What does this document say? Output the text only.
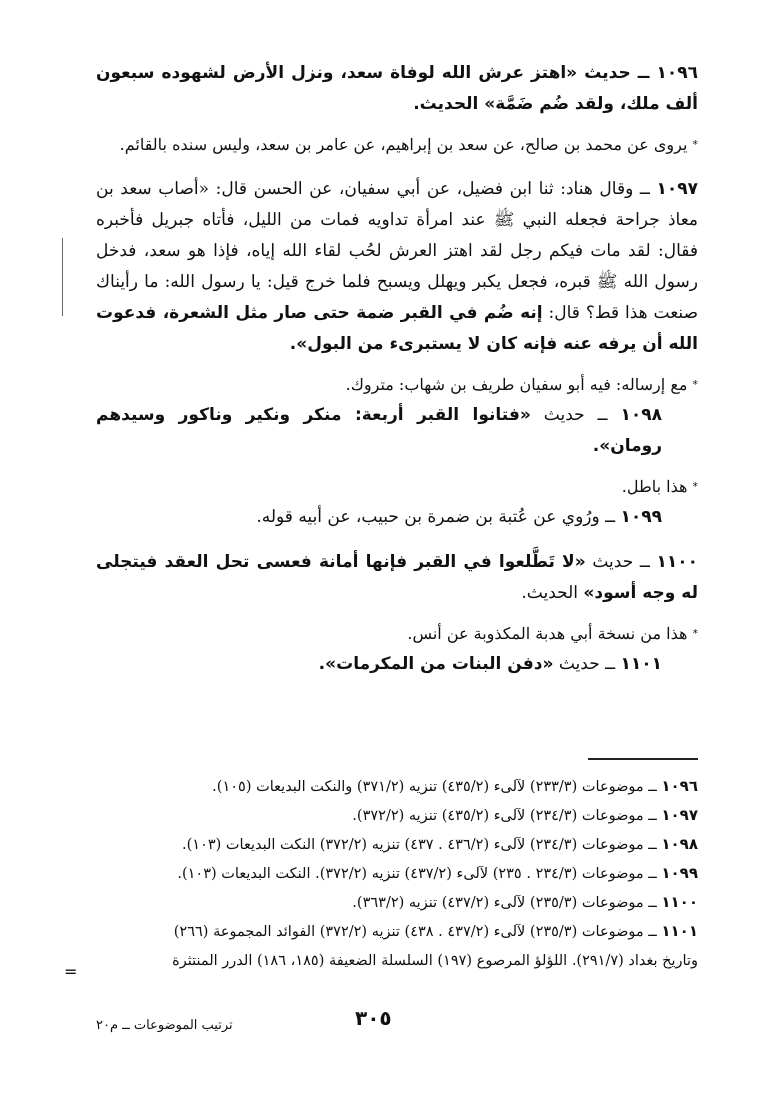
١٠٩٦ ــ حديث «اهتز عرش الله لوفاة سعد، ونزل الأرض لشهوده سبعون ألف ملك، ولقد ضُم ضَمَّة» الحديث.

* يروى عن محمد بن صالح، عن سعد بن إبراهيم، عن عامر بن سعد، وليس سنده بالقائم.

١٠٩٧ ــ وقال هناد: ثنا ابن فضيل، عن أبي سفيان، عن الحسن قال: «أصاب سعد بن معاذ جراحة فجعله النبي ﷺ عند امرأة تداويه فمات من الليل، فأتاه جبريل فأخبره فقال: لقد مات فيكم رجل لقد اهتز العرش لحُب لقاء الله إياه، فإذا هو سعد، فدخل رسول الله ﷺ قبره، فجعل يكبر ويهلل ويسبح فلما خرج قيل: يا رسول الله: ما رأيناك صنعت هذا قط؟ قال: إنه ضُم في القبر ضمة حتى صار مثل الشعرة، فدعوت الله أن يرفه عنه فإنه كان لا يستبرىء من البول».

* مع إرساله: فيه أبو سفيان طريف بن شهاب: متروك.

١٠٩٨ ــ حديث «فتانوا القبر أربعة: منكر ونكير وناكور وسيدهم رومان».

* هذا باطل.

١٠٩٩ ــ ورُوي عن عُتبة بن ضمرة بن حبيب، عن أبيه قوله.

١١٠٠ ــ حديث «لا تَطَّلعوا في القبر فإنها أمانة فعسى تحل العقد فيتجلى له وجه أسود» الحديث.

* هذا من نسخة أبي هدبة المكذوبة عن أنس.

١١٠١ ــ حديث «دفن البنات من المكرمات».

١٠٩٦ ــ موضوعات (٢٣٣/٣) لآلىء (٤٣٥/٢) تنزيه (٣٧١/٢) والنكت البديعات (١٠٥).

١٠٩٧ ــ موضوعات (٢٣٤/٣) لآلىء (٤٣٥/٢) تنزيه (٣٧٢/٢).

١٠٩٨ ــ موضوعات (٢٣٤/٣) لآلىء (٤٣٦/٢ . ٤٣٧) تنزيه (٣٧٢/٢) النكت البديعات (١٠٣).

١٠٩٩ ــ موضوعات (٢٣٤/٣ . ٢٣٥) لآلىء (٤٣٧/٢) تنزيه (٣٧٢/٢). النكت البديعات (١٠٣).

١١٠٠ ــ موضوعات (٢٣٥/٣) لآلىء (٤٣٧/٢) تنزيه (٣٦٣/٢).

١١٠١ ــ موضوعات (٢٣٥/٣) لآلىء (٤٣٧/٢ . ٤٣٨) تنزيه (٣٧٢/٢) الفوائد المجموعة (٢٦٦)

وتاريخ بغداد (٢٩١/٧). اللؤلؤ المرصوع (١٩٧) السلسلة الضعيفة (١٨٥، ١٨٦) الدرر المنتثرة

=
٣٠٥
ترتيب الموضوعات ــ م٢٠
